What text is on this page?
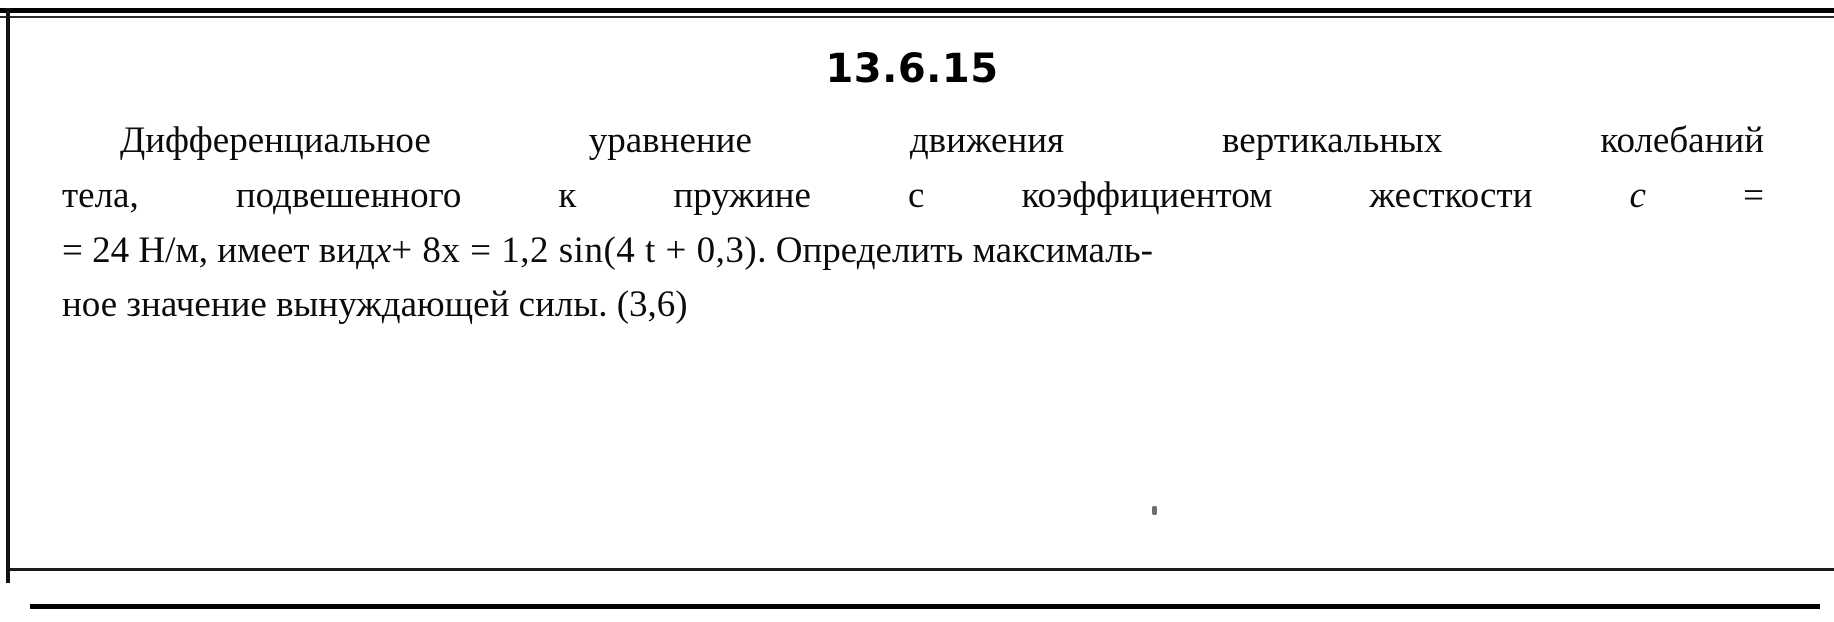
13.6.15
Дифференциальное	уравнение	движения	вертикальных	колебаний
тела,	подвешенного	к	пружине	с	коэффициентом	жесткости	c	=
= 24 Н/м, имеет видx ¨+ 8x = 1,2 sin(4 t + 0,3). Определить максималь-
ное значение вынуждающей силы. (3,6)
